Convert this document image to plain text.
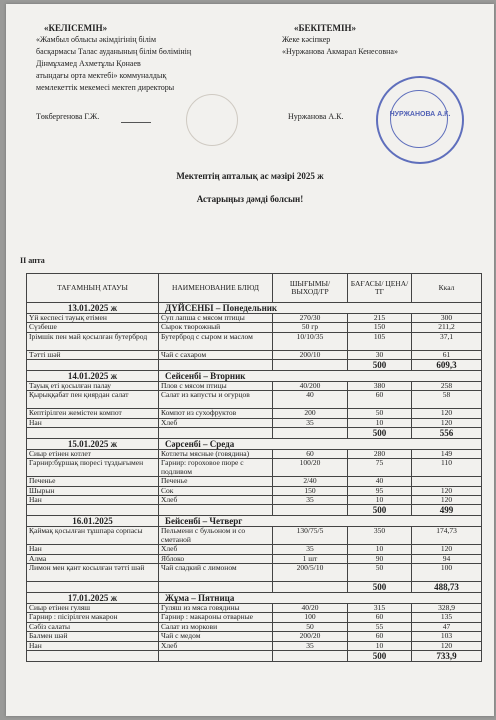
«КЕЛІСЕМІН»
«Жамбыл облысы әкімдігінің білім
басқармасы Талас ауданының білім бөлімінің
Дінмұхамед Ахметұлы Қонаев
атындағы орта мектебі» коммуналдық
мемлекеттік мекемесі мектеп директоры
Төкбергенова Г.Ж.
«БЕКІТЕМІН»
Жеке кәсіпкер
«Нуржанова Акмарал Кенесовна»
Нуржанова А.К.	НУРЖАНОВА А.К.
Мектептің апталық ас мәзірі 2025 ж
Астарыңыз дәмді болсын!
II апта
ТАҒАМНЫҢ АТАУЫ	НАИМЕНОВАНИЕ БЛЮД	ШЫҒЫМЫ/ ВЫХОД/ГР	БАҒАСЫ/ ЦЕНА/ТГ	Ккал
13.01.2025 ж	ДҮЙСЕНБІ – Понедельник			
Үй кеспесі тауық етімен	Суп лапша с мясом птицы	270/30	215	300
Сүзбеше	Сырок творожный	50 гр	150	211,2
Ірімшік пен май қосылған бутерброд	Бутерброд с сыром и маслом	10/10/35	105	37,1
Тәтті шәй	Чай с сахаром	200/10	30	61
			500	609,3
14.01.2025 ж	Сейсенбі – Вторник			
Тауық еті қосылған палау	Плов с мясом птицы	40/200	380	258
Қырыққабат пен қиярдан салат	Салат из капусты и огурцов	40	60	58
Кептірілген жемістен компот	Компот из сухофруктов	200	50	120
Нан	Хлеб	35	10	120
			500	556
15.01.2025 ж	Сәрсенбі – Среда			
Сиыр етінен котлет	Котлеты мясные (говядина)	60	280	149
Гарнир:бұршақ пюресі тұздығымен	Гарнир: гороховое пюре с подливом	100/20	75	110
Печенье	Печенье	2/40	40	
Шырын	Сок	150	95	120
Нан	Хлеб	35	10	120
			500	499
16.01.2025	Бейсенбі – Четверг			
Қаймақ қосылған тұшпара сорпасы	Пельмени с бульоном и со сметаной	130/75/5	350	174,73
Нан	Хлеб	35	10	120
Алма	Яблоко	1 шт	90	94
Лимон мен қант косылған тәтті шәй	Чай сладкий с лимоном	200/5/10	50	100
			500	488,73
17.01.2025 ж	Жұма – Пятница			
Сиыр етінен гуляш	Гуляш из мяса говядины	40/20	315	328,9
Гарнир : пісірілген макарон	Гарнир : макароны отварные	100	60	135
Сәбіз салаты	Салат из моркови	50	55	47
Балмен шәй	Чай с медом	200/20	60	103
Нан	Хлеб	35	10	120
			500	733,9
